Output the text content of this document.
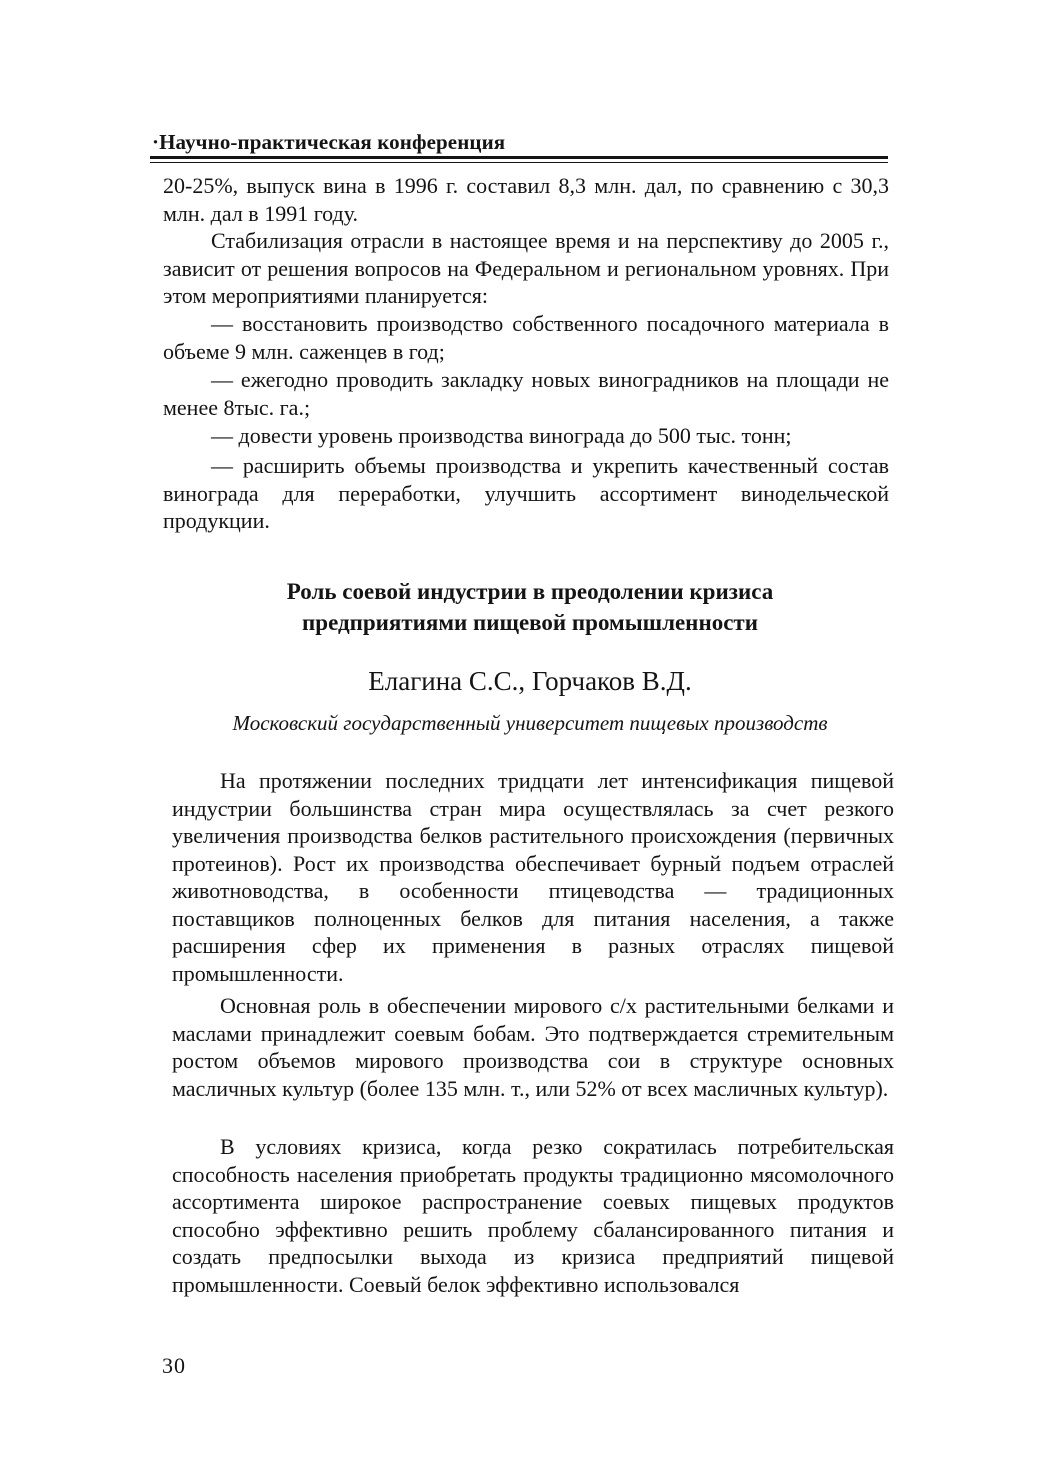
·Научно-практическая конференция

20-25%, выпуск вина в 1996 г. составил 8,3 млн. дал, по сравнению с 30,3 млн. дал в 1991 году.

Стабилизация отрасли в настоящее время и на перспективу до 2005 г., зависит от решения вопросов на Федеральном и региональном уровнях. При этом мероприятиями планируется:

— восстановить производство собственного посадочного материала в объеме 9 млн. саженцев в год;

— ежегодно проводить закладку новых виноградников на площади не менее 8тыс. га.;

— довести уровень производства винограда до 500 тыс. тонн;

— расширить объемы производства и укрепить качественный состав винограда для переработки, улучшить ассортимент винодельческой продукции.

Роль соевой индустрии в преодолении кризиса
предприятиями пищевой промышленности
Елагина С.С., Горчаков В.Д.
Московский государственный университет пищевых производств

На протяжении последних тридцати лет интенсификация пищевой индустрии большинства стран мира осуществлялась за счет резкого увеличения производства белков растительного происхождения (первичных протеинов). Рост их производства обеспечивает бурный подъем отраслей животноводства, в особенности птицеводства — традиционных поставщиков полноценных белков для питания населения, а также расширения сфер их применения в разных отраслях пищевой промышленности.

Основная роль в обеспечении мирового с/х растительными белками и маслами принадлежит соевым бобам. Это подтверждается стремительным ростом объемов мирового производства сои в структуре основных масличных культур (более 135 млн. т., или 52% от всех масличных культур).

В условиях кризиса, когда резко сократилась потребительская способность населения приобретать продукты традиционно мясомолочного ассортимента широкое распространение соевых пищевых продуктов способно эффективно решить проблему сбалансированного питания и создать предпосылки выхода из кризиса предприятий пищевой промышленности. Соевый белок эффективно использовался

30
